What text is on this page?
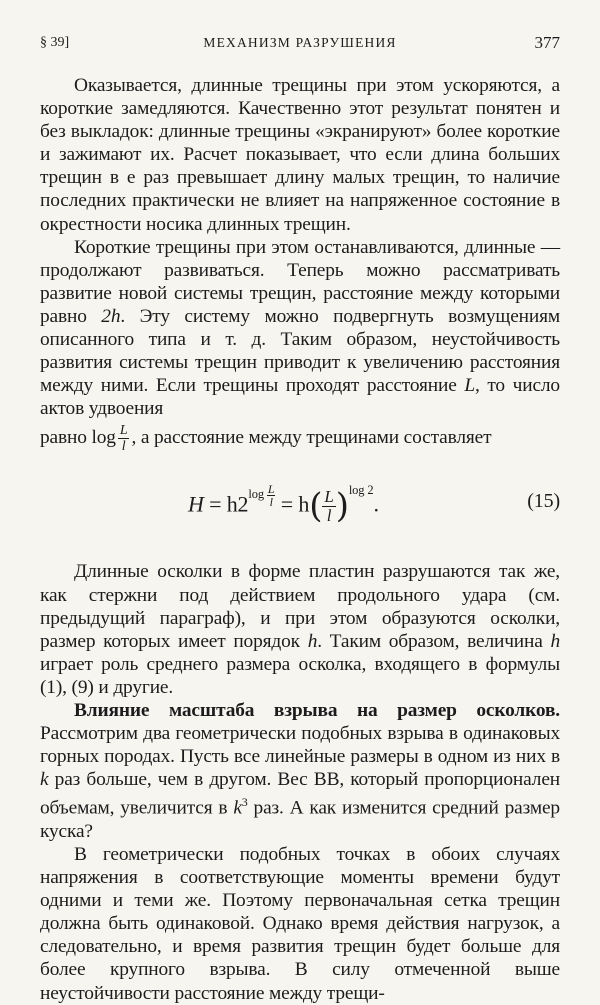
§ 39]	МЕХАНИЗМ РАЗРУШЕНИЯ	377

Оказывается, длинные трещины при этом ускоряются, а короткие замедляются. Качественно этот результат понятен и без выкладок: длинные трещины «экранируют» более короткие и зажимают их. Расчет показывает, что если длина больших трещин в e раз превышает длину малых трещин, то наличие последних практически не влияет на напряженное состояние в окрестности носика длинных трещин.

Короткие трещины при этом останавливаются, длинные — продолжают развиваться. Теперь можно рассматривать развитие новой системы трещин, расстояние между которыми равно 2h. Эту систему можно подвергнуть возмущениям описанного типа и т. д. Таким образом, неустойчивость развития системы трещин приводит к увеличению расстояния между ними. Если трещины проходят расстояние L, то число актов удвоения

равно $\log \frac{L}{l}$ , а расстояние между трещинами составляет
$H = h2^{log \frac{L}{l}} = h( \frac{L}{l} )^{log 2}$.	(15)

Длинные осколки в форме пластин разрушаются так же, как стержни под действием продольного удара (см. предыдущий параграф), и при этом образуются осколки, размер которых имеет порядок h. Таким образом, величина h играет роль среднего размера осколка, входящего в формулы (1), (9) и другие.

Влияние масштаба взрыва на размер осколков. Рассмотрим два геометрически подобных взрыва в одинаковых горных породах. Пусть все линейные размеры в одном из них в k раз больше, чем в другом. Вес ВВ, который пропорционален объемам, увеличится в $k^3$ раз. А как изменится средний размер куска?

В геометрически подобных точках в обоих случаях напряжения в соответствующие моменты времени будут одними и теми же. Поэтому первоначальная сетка трещин должна быть одинаковой. Однако время действия нагрузок, а следовательно, и время развития трещин будет больше для более крупного взрыва. В силу отмеченной выше неустойчивости расстояние между трещи-
